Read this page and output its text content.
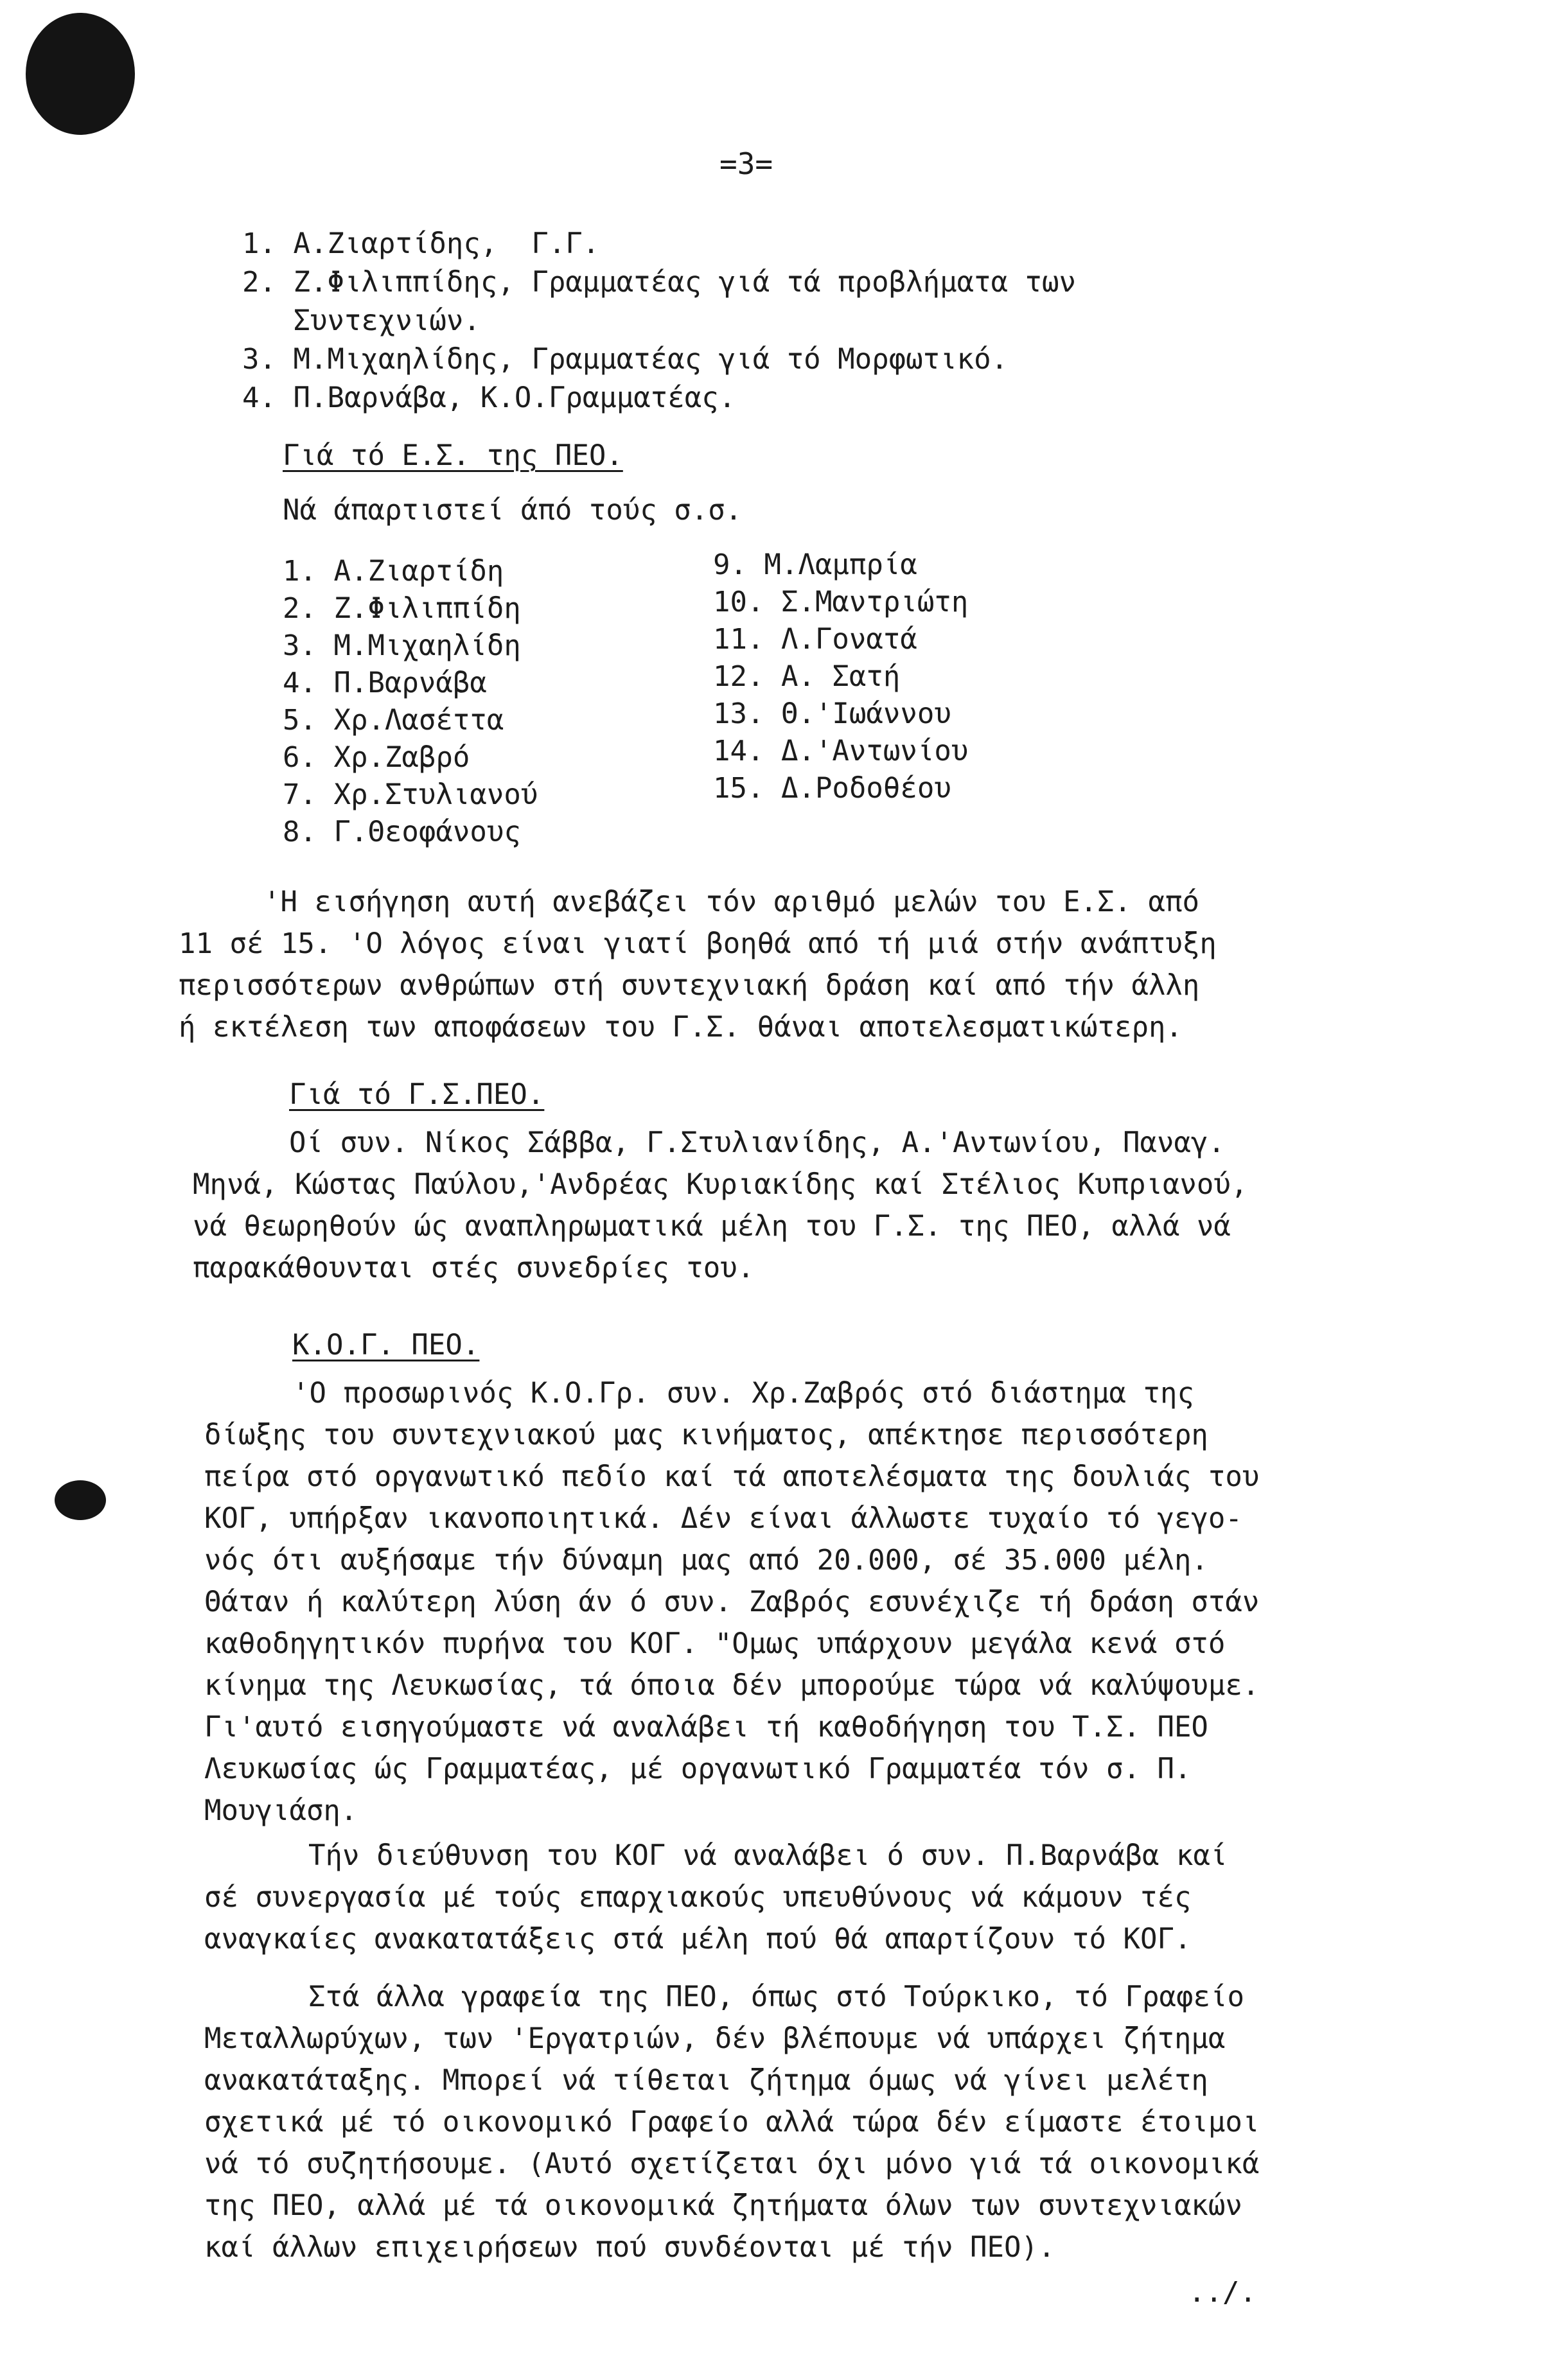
=3=
1. Α.Ζιαρτίδης,  Γ.Γ.
2. Ζ.Φιλιππίδης, Γραμματέας γιά τά προβλήματα των
Συντεχνιών.
3. Μ.Μιχαηλίδης, Γραμματέας γιά τό Μορφωτικό.
4. Π.Βαρνάβα, Κ.Ο.Γραμματέας.
Γιά τό Ε.Σ. της ΠΕΟ.
Νά άπαρτιστεί άπό τούς σ.σ.
1. Α.Ζιαρτίδη
2. Ζ.Φιλιππίδη
3. Μ.Μιχαηλίδη
4. Π.Βαρνάβα
5. Χρ.Λασέττα
6. Χρ.Ζαβρό
7. Χρ.Στυλιανού
8. Γ.Θεοφάνους
9. Μ.Λαμπρία
10. Σ.Μαντριώτη
11. Λ.Γονατά
12. Α. Σατή
13. Θ.'Ιωάννου
14. Δ.'Αντωνίου
15. Δ.Ροδοθέου
'Η εισήγηση αυτή ανεβάζει τόν αριθμό μελών του Ε.Σ. από
11 σέ 15. 'Ο λόγος είναι γιατί βοηθά από τή μιά στήν ανάπτυξη
περισσότερων ανθρώπων στή συντεχνιακή δράση καί από τήν άλλη
ή εκτέλεση των αποφάσεων του Γ.Σ. θάναι αποτελεσματικώτερη.
Γιά τό Γ.Σ.ΠΕΟ.
Οί συν. Νίκος Σάββα, Γ.Στυλιανίδης, Α.'Αντωνίου, Παναγ.
Μηνά, Κώστας Παύλου,'Ανδρέας Κυριακίδης καί Στέλιος Κυπριανού,
νά θεωρηθούν ώς αναπληρωματικά μέλη του Γ.Σ. της ΠΕΟ, αλλά νά
παρακάθουνται στές συνεδρίες του.
Κ.Ο.Γ. ΠΕΟ.
'Ο προσωρινός Κ.Ο.Γρ. συν. Χρ.Ζαβρός στό διάστημα της
δίωξης του συντεχνιακού μας κινήματος, απέκτησε περισσότερη
πείρα στό οργανωτικό πεδίο καί τά αποτελέσματα της δουλιάς του
ΚΟΓ, υπήρξαν ικανοποιητικά. Δέν είναι άλλωστε τυχαίο τό γεγο-
νός ότι αυξήσαμε τήν δύναμη μας από 20.000, σέ 35.000 μέλη.
Θάταν ή καλύτερη λύση άν ό συν. Ζαβρός εσυνέχιζε τή δράση στάν
καθοδηγητικόν πυρήνα του ΚΟΓ. "Ομως υπάρχουν μεγάλα κενά στό
κίνημα της Λευκωσίας, τά όποια δέν μπορούμε τώρα νά καλύψουμε.
Γι'αυτό εισηγούμαστε νά αναλάβει τή καθοδήγηση του Τ.Σ. ΠΕΟ
Λευκωσίας ώς Γραμματέας, μέ οργανωτικό Γραμματέα τόν σ. Π.
Μουγιάση.
Τήν διεύθυνση του ΚΟΓ νά αναλάβει ό συν. Π.Βαρνάβα καί
σέ συνεργασία μέ τούς επαρχιακούς υπευθύνους νά κάμουν τές
αναγκαίες ανακατατάξεις στά μέλη πού θά απαρτίζουν τό ΚΟΓ.
Στά άλλα γραφεία της ΠΕΟ, όπως στό Τούρκικο, τό Γραφείο
Μεταλλωρύχων, των 'Εργατριών, δέν βλέπουμε νά υπάρχει ζήτημα
ανακατάταξης. Μπορεί νά τίθεται ζήτημα όμως νά γίνει μελέτη
σχετικά μέ τό οικονομικό Γραφείο αλλά τώρα δέν είμαστε έτοιμοι
νά τό συζητήσουμε. (Αυτό σχετίζεται όχι μόνο γιά τά οικονομικά
της ΠΕΟ, αλλά μέ τά οικονομικά ζητήματα όλων των συντεχνιακών
καί άλλων επιχειρήσεων πού συνδέονται μέ τήν ΠΕΟ).
../.
